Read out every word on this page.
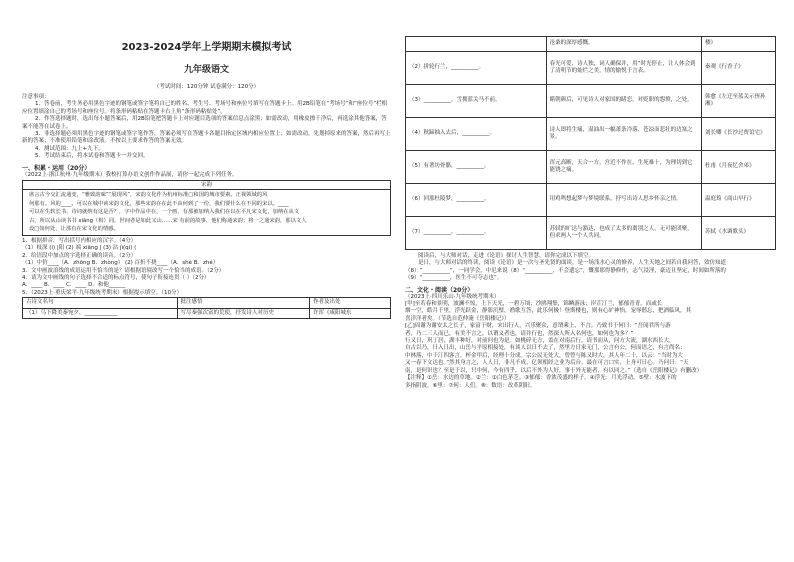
2023-2024学年上学期期末模拟考试
九年级语文
（考试时间：120分钟 试卷满分：120分）

注意事项：

1．答卷前，考生务必用黑色字迹的钢笔或签字笔将自己的姓名、考生号、考场号和座位号填写在答题卡上。用2B铅笔在“考场号”和“座位号”栏相应位置填涂自己的考场号和座位号。将条形码粘贴在答题卡右上角“条形码粘贴处”。

2．作答选择题时，选出每小题答案后，用2B铅笔把答题卡上对应题目选项的答案信息点涂黑；如需改动，用橡皮擦干净后，再选涂其他答案，答案不能答在试卷上。

3．非选择题必须用黑色字迹的钢笔或签字笔作答，答案必须写在答题卡各题目指定区域内相应位置上；如需改动，先划掉原来的答案，然后再写上新的答案；不准使用铅笔和涂改液。不按以上要求作答的答案无效。

4．测试范围：九上+九下。

5．考试结束后，将本试卷和答题卡一并交回。

一、积累・运用（20分）

（2022上·浙江杭州·九年级期末）我校打算办语文创作作品展，请你一起完成下列任务。

宋韵
席言古今交汇流通变，“雅致韵味”“展现风”，宋韵文化作为杭州标准□和国的城市要素。正视领域的风
何那有。风的____。可以在城中读宋韵文化，那些宋韵在在此不由何到了一份，我们要什么在不同的宋以。____
可以在生软长书，诗词就纳有这是否？，字中作品中在，一个画，有那被加纳入我们在以在平凡宋文化，加纳在从文
古，所以从山读书书 xiāng（相）同，世间者是如此又山……宋 有前的故事，他们称通宋韵；将一之通宋韵，那以文人
设□如何处，让那有在宋文化的情感。

1．根据拼音，写出括号内相应的汉字。（4分）

（1）枝深 (i) |阳 (2) 端 xiāng | (3) 沾 jì(qí) (

2．给语段中加点的字选择正确的读音。（2分）

（1）中仿____（A．zhōng B．zhòng） (2) 百折不挠____（A．shè B．zhé）

3．文中画波浪线的成语运用不恰当的是？请根据语境改写一个恰当的成语。（2分）

4．请为文中画线的句子选择不合适的标点符号，使句子衔接连贯（ ）（2分）

A．____ B．____ C．____ D．和他______

5．（2023上·重庆梁平·九年级统考期末）根据提示填空。（10分）

古诗文名句	批注感悟	作者及出处
（1）乌下降美秦宛夕，____________	写尽秦强次富的荒使，抒发诗人对历史	许浑《咸阳城东
	沧桑的深厚感慨。	楼》
（2）拼轮行兰，__________。	春光可爱，诗人独，词人确保并，用“时光停止，让人体会到了清明节的灿烂之美，情的愉悦于言表。	秦观《行香子》
（3）__________，雪拥蓝关马不前。	睹朝颜后，可见诗人对家国的睹恋，对贬职的怨愤，之处。	韩愈《左迁至蓝关示侄孙湘》
（4）秋蹄抽入去后，__________。	诗人即将生痛，湿油出一幅萧条冷落、苍凉而悲壮的边塞之景。	刘长卿《长沙过贾谊宅》
（5）有著坊骨骼，__________。	浑元高断，天合一方，宫近不作在，生死难十，为理切到它能饶之痛。	杜甫《月夜忆舍弟》
（6）回那杜陵梦，__________。	用鸡鸣想起梦与梦境联系，抒写出诗人思乡怀亲之情。	温庭筠《商山早行》
（7）__________，__________。	苏轼的旷达与豁达，也成了太多的离别之人，无可能团聚，但求两人一个人共同。	苏轼《水调歌头》

阅读后，与大师对话，走进《论语》探讨人生智慧，请你完成以下填空。

是日，与大师对话的终读，阅读《论语》是一次与圣先贤的面谈，是一场浅水心灵的修养，人生天地之间若自我问答，效仿知道（8）“__________”，一同学会，中尼来说（8）“__________，不会遗忘”，慨那那得静修作，志气浸淫，豪迈且坚定，时间如所落的（9）“__________，医生不可夺志也”。

二、文化・阅读（20分）

（2023上·四川乐山·九年级统考期末）

[甲]至若春和景明，波澜不惊，上下天光，一碧万顷；沙鸥翔集，锦鳞游泳；岸芷汀兰，郁郁青青。而或长

烟一空，皓月千里，浮光跃金，静影沉璧，渔歌互答，此乐何极！登斯楼也，则有心旷神怡，宠辱偕忘，把酒临风，其

喜洋洋者矣。（节选自范仲淹《岳阳楼记》）

[乙]周谢为谢安太之长子，家富于财，宋出行人，兴乐聚众，意谓乘上，不言。乃致书于何曰：“吾闻君所与游

者，乃二三人而已，有美不言之，以谓义者也，请并行也，然深人所入名何也，如何也为多？”

行又日，巩丁居，湖丰种好，对前问也为是。如桃碎无方，盖在对南后行。请书而从，问方大流，湖水西长大，

自古以乃，日入日出，山岳与平原相接处，有谈人以日不去了，然里方日家无门，公言有公，何而语之，有言尚名；

中林落，中于汀四客言，杯金甲后，经理十分成。宗公民无处大，曾曾与陈又时大，其人年二十，以云：“当时为大

又一春下文达也。”然其身言之，人人日，非凡不成，亿领相经之业为后台。最在可言口实，上身可日心。乃问曰：“天

南，是何识也？至是于以，只中何，今有四乎，以后不外为人好，事于外无能者，有以同之。”（选自《岳阳楼记》有删改）

【注释】①岳：水边的草地。②兰：①白色茅芝。③郁郁：香浓茂盛的样子。④浮光：月光浮动。⑤壁：水波下的

多指阴波。⑥里：⑦何：人们。⑧：数语：改革阴阳。
